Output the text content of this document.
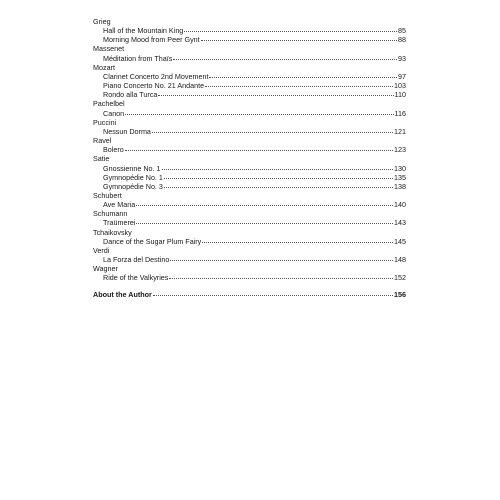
Grieg
Hall of the Mountain King	85
Morning Mood from Peer Gynt	88
Massenet
Méditation from Thaïs	93
Mozart
Clarinet Concerto 2nd Movement	97
Piano Concerto No. 21 Andante	103
Rondo alla Turca	110
Pachelbel
Canon	116
Puccini
Nessun Dorma	121
Ravel
Bolero	123
Satie
Gnossienne No. 1	130
Gymnopédie No. 1	135
Gymnopédie No. 3	138
Schubert
Ave Maria	140
Schumann
Traümerei	143
Tchaikovsky
Dance of the Sugar Plum Fairy	145
Verdi
La Forza del Destino	148
Wagner
Ride of the Valkyries	152
About the Author	156
